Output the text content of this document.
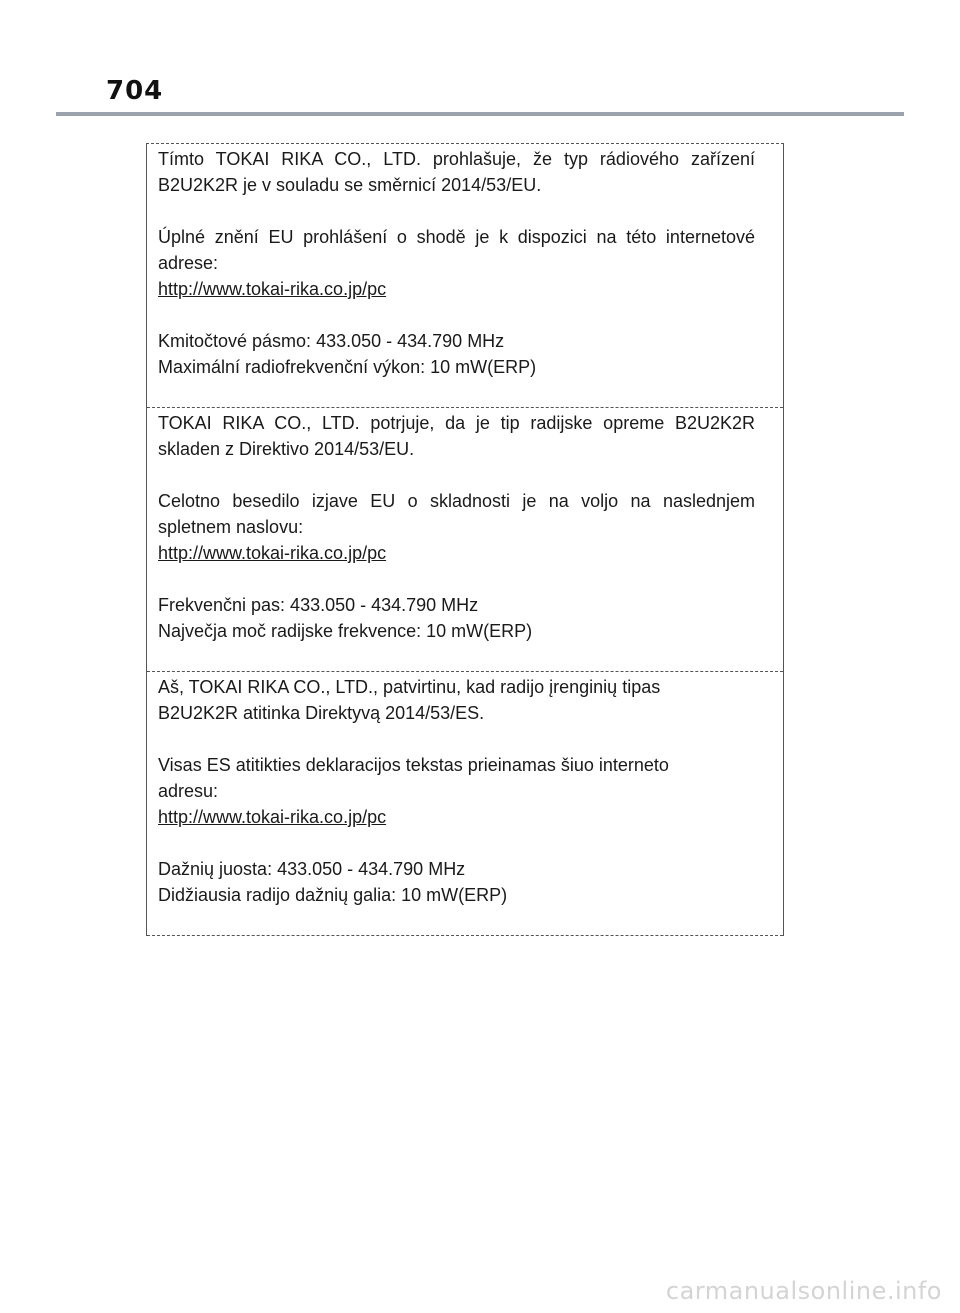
704

Tímto TOKAI RIKA CO., LTD. prohlašuje, že typ rádiového zařízení

B2U2K2R je v souladu se směrnicí 2014/53/EU.

Úplné znění EU prohlášení o shodě je k dispozici na této internetové

adrese:

http://www.tokai-rika.co.jp/pc

Kmitočtové pásmo: 433.050 - 434.790 MHz

Maximální radiofrekvenční výkon: 10 mW(ERP)

TOKAI RIKA CO., LTD. potrjuje, da je tip radijske opreme B2U2K2R

skladen z Direktivo 2014/53/EU.

Celotno besedilo izjave EU o skladnosti je na voljo na naslednjem

spletnem naslovu:

http://www.tokai-rika.co.jp/pc

Frekvenčni pas: 433.050 - 434.790 MHz

Največja moč radijske frekvence: 10 mW(ERP)

Aš, TOKAI RIKA CO., LTD., patvirtinu, kad radijo įrenginių tipas

B2U2K2R atitinka Direktyvą 2014/53/ES.

Visas ES atitikties deklaracijos tekstas prieinamas šiuo interneto

adresu:

http://www.tokai-rika.co.jp/pc

Dažnių juosta: 433.050 - 434.790 MHz

Didžiausia radijo dažnių galia: 10 mW(ERP)

carmanualsonline.info
